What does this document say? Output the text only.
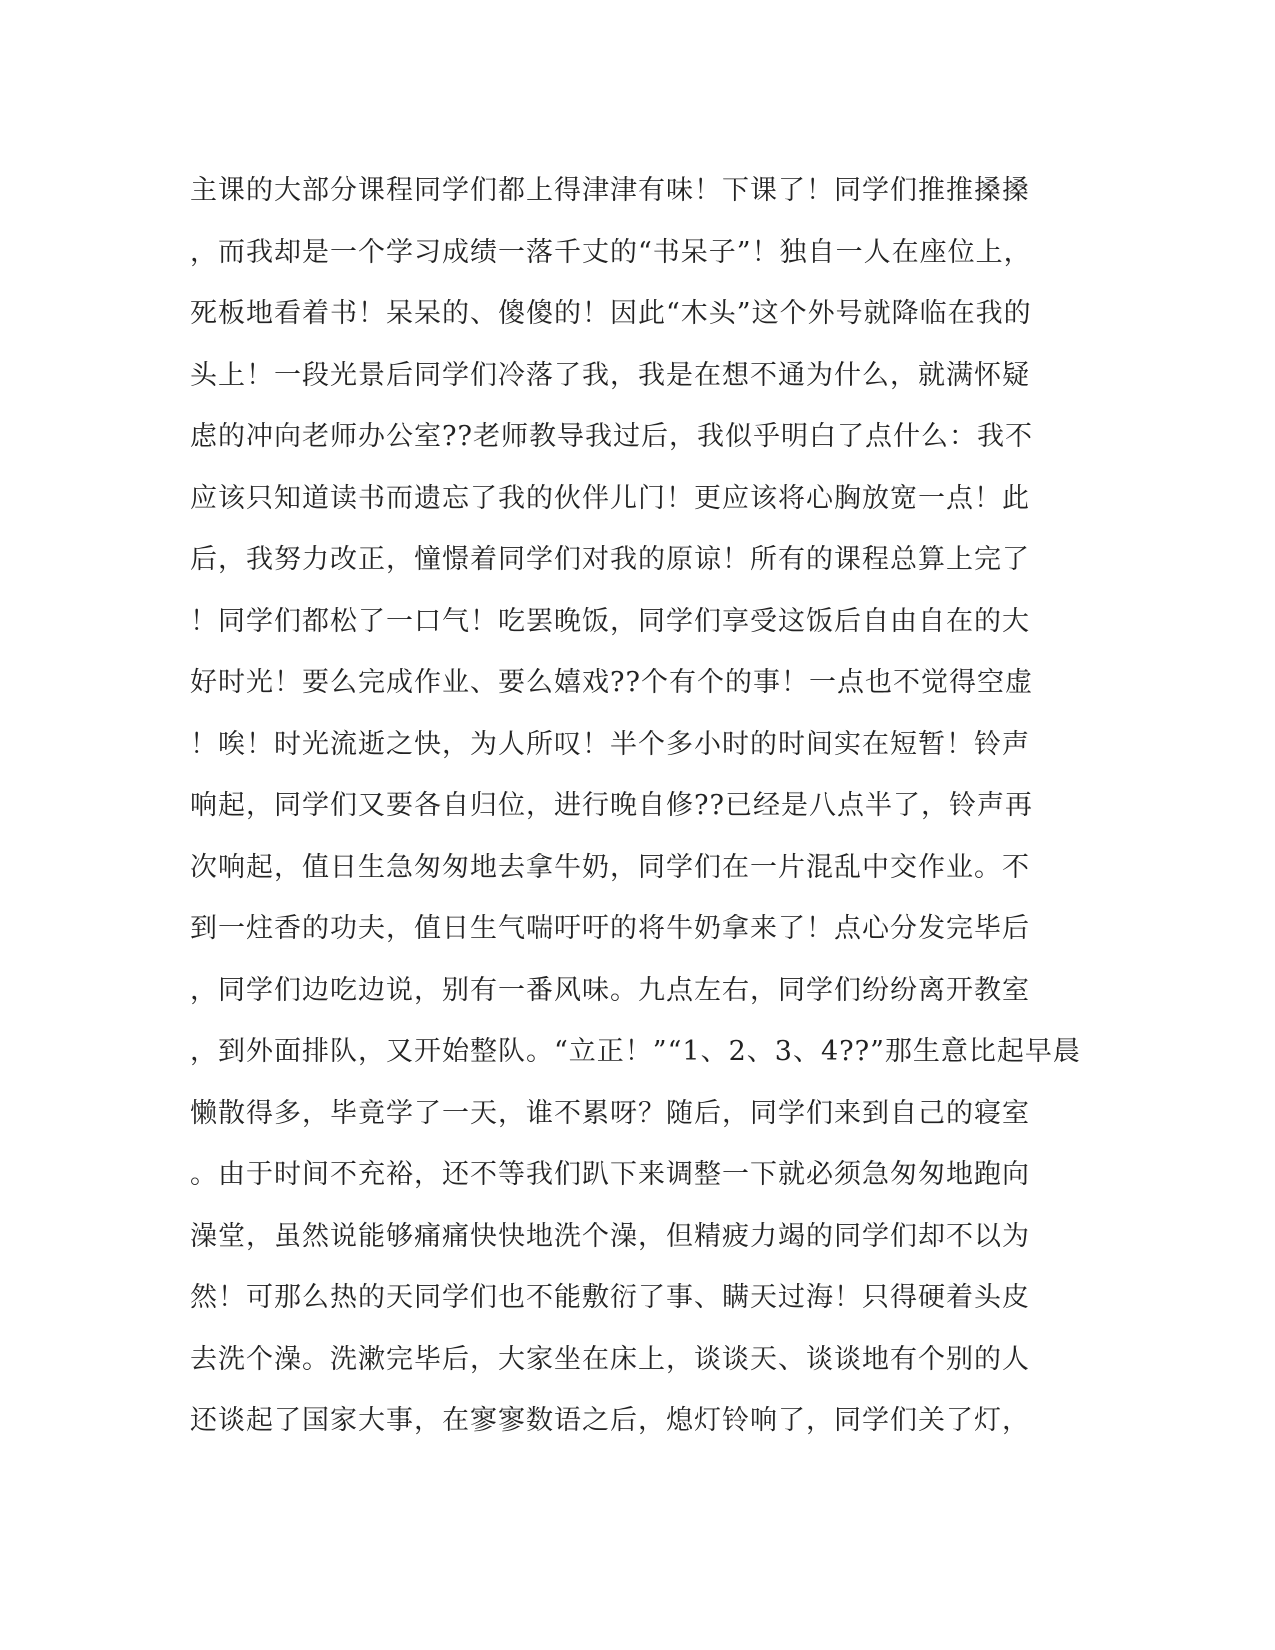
主课的大部分课程同学们都上得津津有味！下课了！同学们推推搡搡
，而我却是一个学习成绩一落千丈的“书呆子”！独自一人在座位上，
死板地看着书！呆呆的、傻傻的！因此“木头”这个外号就降临在我的
头上！一段光景后同学们冷落了我，我是在想不通为什么，就满怀疑
虑的冲向老师办公室??老师教导我过后，我似乎明白了点什么：我不
应该只知道读书而遗忘了我的伙伴儿门！更应该将心胸放宽一点！此
后，我努力改正，憧憬着同学们对我的原谅！所有的课程总算上完了
！同学们都松了一口气！吃罢晚饭，同学们享受这饭后自由自在的大
好时光！要么完成作业、要么嬉戏??个有个的事！一点也不觉得空虚
！唉！时光流逝之快，为人所叹！半个多小时的时间实在短暂！铃声
响起，同学们又要各自归位，进行晚自修??已经是八点半了，铃声再
次响起，值日生急匆匆地去拿牛奶，同学们在一片混乱中交作业。不
到一炷香的功夫，值日生气喘吁吁的将牛奶拿来了！点心分发完毕后
，同学们边吃边说，别有一番风味。九点左右，同学们纷纷离开教室
，到外面排队，又开始整队。“立正！”“1、2、3、4??”那生意比起早晨
懒散得多，毕竟学了一天，谁不累呀？随后，同学们来到自己的寝室
。由于时间不充裕，还不等我们趴下来调整一下就必须急匆匆地跑向
澡堂，虽然说能够痛痛快快地洗个澡，但精疲力竭的同学们却不以为
然！可那么热的天同学们也不能敷衍了事、瞒天过海！只得硬着头皮
去洗个澡。洗漱完毕后，大家坐在床上，谈谈天、谈谈地有个别的人
还谈起了国家大事，在寥寥数语之后，熄灯铃响了，同学们关了灯，
